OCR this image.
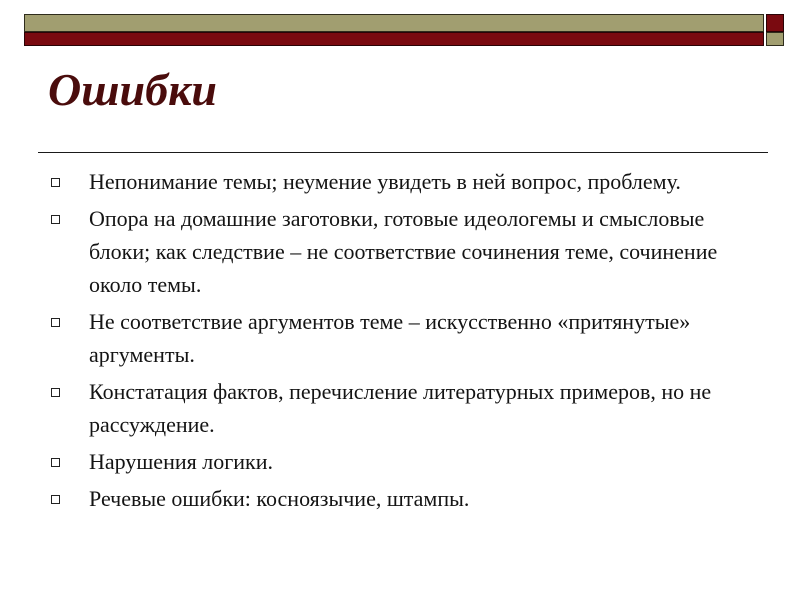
Ошибки
Непонимание темы; неумение увидеть в ней вопрос, проблему.
Опора на домашние заготовки, готовые идеологемы и смысловые блоки; как следствие – не соответствие сочинения теме, сочинение около темы.
Не соответствие аргументов теме – искусственно «притянутые» аргументы.
Констатация фактов, перечисление литературных примеров, но не рассуждение.
Нарушения логики.
Речевые ошибки: косноязычие, штампы.
